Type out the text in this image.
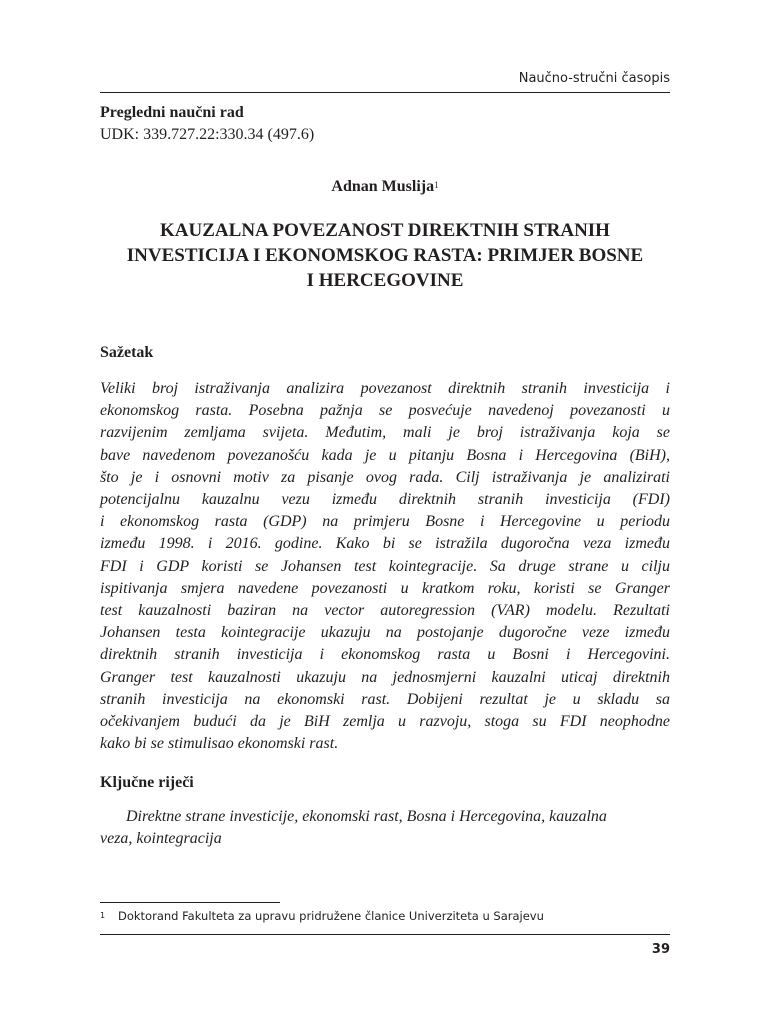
Naučno-stručni časopis
Pregledni naučni rad
UDK: 339.727.22:330.34 (497.6)
Adnan Muslija$^1$
KAUZALNA POVEZANOST DIREKTNIH STRANIH
INVESTICIJA I EKONOMSKOG RASTA: PRIMJER BOSNE
I HERCEGOVINE
Sažetak
Veliki broj istraživanja analizira povezanost direktnih stranih investicija i
ekonomskog rasta. Posebna pažnja se posvećuje navedenoj povezanosti u
razvijenim zemljama svijeta. Međutim, mali je broj istraživanja koja se
bave navedenom povezanošću kada je u pitanju Bosna i Hercegovina (BiH),
što je i osnovni motiv za pisanje ovog rada. Cilj istraživanja je analizirati
potencijalnu kauzalnu vezu između direktnih stranih investicija (FDI)
i ekonomskog rasta (GDP) na primjeru Bosne i Hercegovine u periodu
između 1998. i 2016. godine. Kako bi se istražila dugoročna veza između
FDI i GDP koristi se Johansen test kointegracije. Sa druge strane u cilju
ispitivanja smjera navedene povezanosti u kratkom roku, koristi se Granger
test kauzalnosti baziran na vector autoregression (VAR) modelu. Rezultati
Johansen testa kointegracije ukazuju na postojanje dugoročne veze između
direktnih stranih investicija i ekonomskog rasta u Bosni i Hercegovini.
Granger test kauzalnosti ukazuju na jednosmjerni kauzalni uticaj direktnih
stranih investicija na ekonomski rast. Dobijeni rezultat je u skladu sa
očekivanjem budući da je BiH zemlja u razvoju, stoga su FDI neophodne
kako bi se stimulisao ekonomski rast.
Ključne riječi
Direktne strane investicije, ekonomski rast, Bosna i Hercegovina, kauzalna
veza, kointegracija
1 Doktorand Fakulteta za upravu pridružene članice Univerziteta u Sarajevu
39
